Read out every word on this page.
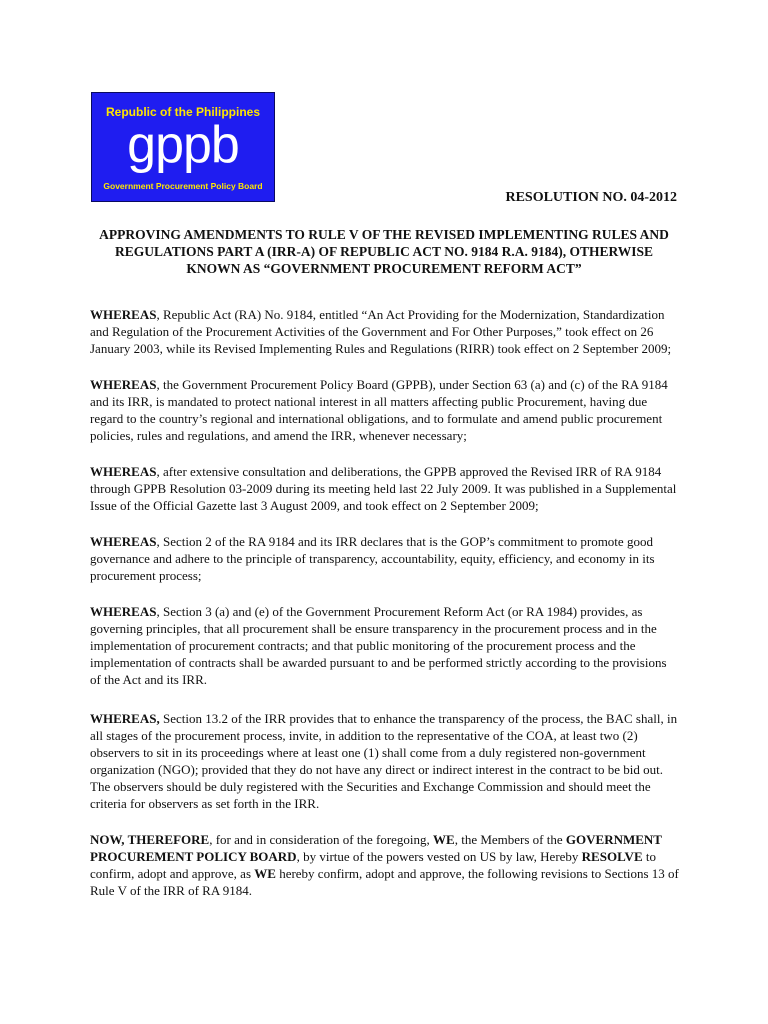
Republic of the Philippines
gppb
Government Procurement Policy Board
RESOLUTION NO. 04-2012
APPROVING AMENDMENTS TO RULE V OF THE REVISED IMPLEMENTING RULES AND REGULATIONS PART A (IRR-A) OF REPUBLIC ACT NO. 9184 R.A. 9184), OTHERWISE KNOWN AS “GOVERNMENT PROCUREMENT REFORM ACT”

WHEREAS, Republic Act (RA) No. 9184, entitled “An Act Providing for the Modernization, Standardization and Regulation of the Procurement Activities of the Government and For Other Purposes,” took effect on 26 January 2003, while its Revised Implementing Rules and Regulations (RIRR) took effect on 2 September 2009;

WHEREAS, the Government Procurement Policy Board (GPPB), under Section 63 (a) and (c) of the RA 9184 and its IRR, is mandated to protect national interest in all matters affecting public Procurement, having due regard to the country’s regional and international obligations, and to formulate and amend public procurement policies, rules and regulations, and amend the IRR, whenever necessary;

WHEREAS, after extensive consultation and deliberations, the GPPB approved the Revised IRR of RA 9184 through GPPB Resolution 03-2009 during its meeting held last 22 July 2009. It was published in a Supplemental Issue of the Official Gazette last 3 August 2009, and took effect on 2 September 2009;

WHEREAS, Section 2 of the RA 9184 and its IRR declares that is the GOP’s commitment to promote good governance and adhere to the principle of transparency, accountability, equity, efficiency, and economy in its procurement process;

WHEREAS, Section 3 (a) and (e) of the Government Procurement Reform Act (or RA 1984) provides, as governing principles, that all procurement shall be ensure transparency in the procurement process and in the implementation of procurement contracts; and that public monitoring of the procurement process and the implementation of contracts shall be awarded pursuant to and be performed strictly according to the provisions of the Act and its IRR.

WHEREAS, Section 13.2 of the IRR provides that to enhance the transparency of the process, the BAC shall, in all stages of the procurement process, invite, in addition to the representative of the COA, at least two (2) observers to sit in its proceedings where at least one (1) shall come from a duly registered non-government organization (NGO); provided that they do not have any direct or indirect interest in the contract to be bid out. The observers should be duly registered with the Securities and Exchange Commission and should meet the criteria for observers as set forth in the IRR.

NOW, THEREFORE, for and in consideration of the foregoing, WE, the Members of the GOVERNMENT PROCUREMENT POLICY BOARD, by virtue of the powers vested on US by law, Hereby RESOLVE to confirm, adopt and approve, as WE hereby confirm, adopt and approve, the following revisions to Sections 13 of Rule V of the IRR of RA 9184.
